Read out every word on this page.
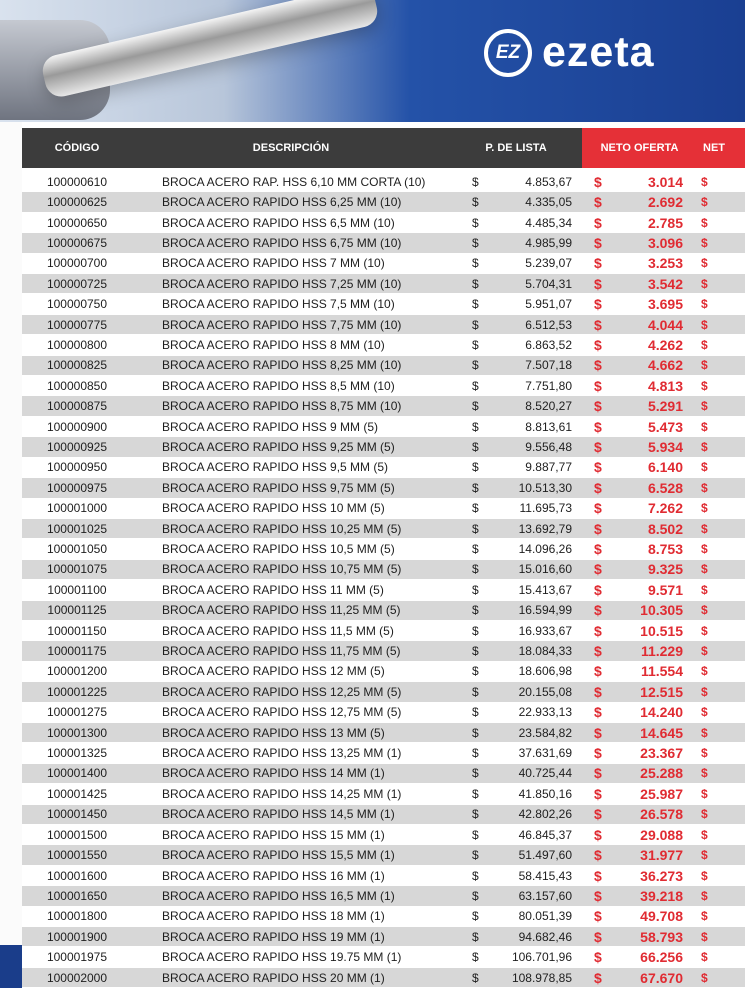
EZ ezeta
CÓDIGO	DESCRIPCIÓN	P. DE LISTA	NETO OFERTA	NET
100000610	BROCA ACERO RAP. HSS 6,10 MM CORTA (10)	$	4.853,67 $	3.014	$
100000625	BROCA ACERO RAPIDO HSS 6,25 MM (10)	$	4.335,05 $	2.692	$
100000650	BROCA ACERO RAPIDO HSS 6,5 MM (10)	$	4.485,34 $	2.785	$
100000675	BROCA ACERO RAPIDO HSS 6,75 MM (10)	$	4.985,99 $	3.096	$
100000700	BROCA ACERO RAPIDO HSS 7 MM (10)	$	5.239,07 $	3.253	$
100000725	BROCA ACERO RAPIDO HSS 7,25 MM (10)	$	5.704,31 $	3.542	$
100000750	BROCA ACERO RAPIDO HSS 7,5 MM (10)	$	5.951,07 $	3.695	$
100000775	BROCA ACERO RAPIDO HSS 7,75 MM (10)	$	6.512,53 $	4.044	$
100000800	BROCA ACERO RAPIDO HSS 8 MM (10)	$	6.863,52 $	4.262	$
100000825	BROCA ACERO RAPIDO HSS 8,25 MM (10)	$	7.507,18 $	4.662	$
100000850	BROCA ACERO RAPIDO HSS 8,5 MM (10)	$	7.751,80 $	4.813	$
100000875	BROCA ACERO RAPIDO HSS 8,75 MM (10)	$	8.520,27 $	5.291	$
100000900	BROCA ACERO RAPIDO HSS 9 MM (5)	$	8.813,61 $	5.473	$
100000925	BROCA ACERO RAPIDO HSS 9,25 MM (5)	$	9.556,48 $	5.934	$
100000950	BROCA ACERO RAPIDO HSS 9,5 MM (5)	$	9.887,77 $	6.140	$
100000975	BROCA ACERO RAPIDO HSS 9,75 MM (5)	$	10.513,30 $	6.528	$
100001000	BROCA ACERO RAPIDO HSS 10 MM (5)	$	11.695,73 $	7.262	$
100001025	BROCA ACERO RAPIDO HSS 10,25 MM (5)	$	13.692,79 $	8.502	$
100001050	BROCA ACERO RAPIDO HSS 10,5 MM (5)	$	14.096,26 $	8.753	$
100001075	BROCA ACERO RAPIDO HSS 10,75 MM (5)	$	15.016,60 $	9.325	$
100001100	BROCA ACERO RAPIDO HSS 11 MM (5)	$	15.413,67 $	9.571	$
100001125	BROCA ACERO RAPIDO HSS 11,25 MM (5)	$	16.594,99 $	10.305	$
100001150	BROCA ACERO RAPIDO HSS 11,5 MM (5)	$	16.933,67 $	10.515	$
100001175	BROCA ACERO RAPIDO HSS 11,75 MM (5)	$	18.084,33 $	11.229	$
100001200	BROCA ACERO RAPIDO HSS 12 MM (5)	$	18.606,98 $	11.554	$
100001225	BROCA ACERO RAPIDO HSS 12,25 MM (5)	$	20.155,08 $	12.515	$
100001275	BROCA ACERO RAPIDO HSS 12,75 MM (5)	$	22.933,13 $	14.240	$
100001300	BROCA ACERO RAPIDO HSS 13 MM (5)	$	23.584,82 $	14.645	$
100001325	BROCA ACERO RAPIDO HSS 13,25 MM (1)	$	37.631,69 $	23.367	$
100001400	BROCA ACERO RAPIDO HSS 14 MM (1)	$	40.725,44 $	25.288	$
100001425	BROCA ACERO RAPIDO HSS 14,25 MM (1)	$	41.850,16 $	25.987	$
100001450	BROCA ACERO RAPIDO HSS 14,5 MM (1)	$	42.802,26 $	26.578	$
100001500	BROCA ACERO RAPIDO HSS 15 MM (1)	$	46.845,37 $	29.088	$
100001550	BROCA ACERO RAPIDO HSS 15,5 MM (1)	$	51.497,60 $	31.977	$
100001600	BROCA ACERO RAPIDO HSS 16 MM (1)	$	58.415,43 $	36.273	$
100001650	BROCA ACERO RAPIDO HSS 16,5 MM (1)	$	63.157,60 $	39.218	$
100001800	BROCA ACERO RAPIDO HSS 18 MM (1)	$	80.051,39 $	49.708	$
100001900	BROCA ACERO RAPIDO HSS 19 MM (1)	$	94.682,46 $	58.793	$
100001975	BROCA ACERO RAPIDO HSS 19.75 MM (1)	$	106.701,96 $	66.256	$
100002000	BROCA ACERO RAPIDO HSS 20 MM (1)	$	108.978,85 $	67.670	$
